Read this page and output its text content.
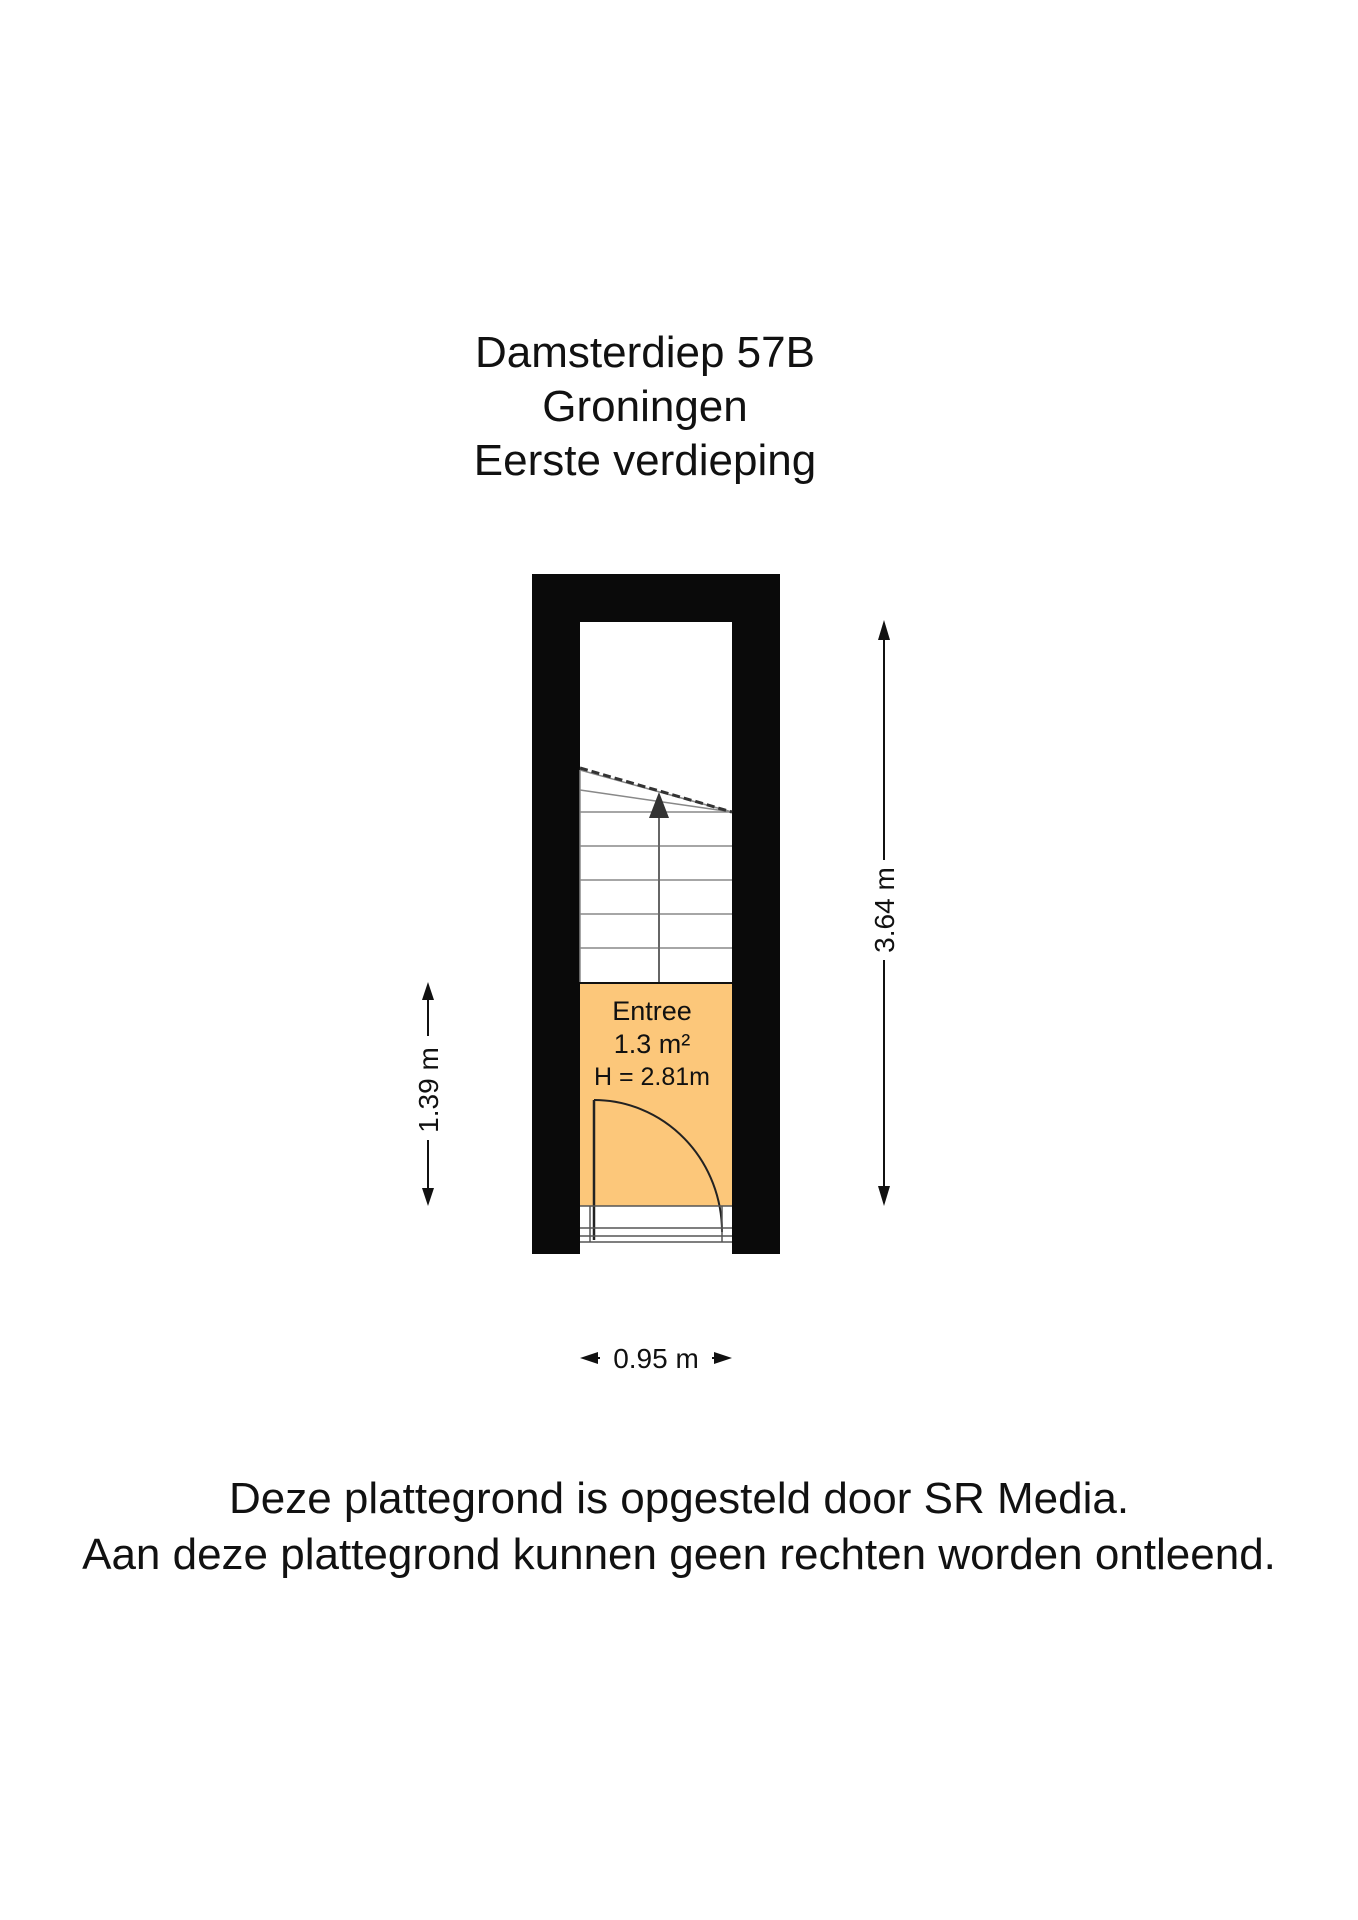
Damsterdiep 57B
Groningen
Eerste verdieping
Entree
1.3 m²
H = 2.81m
3.64 m
1.39 m
0.95 m
Deze plattegrond is opgesteld door SR Media.
Aan deze plattegrond kunnen geen rechten worden ontleend.
